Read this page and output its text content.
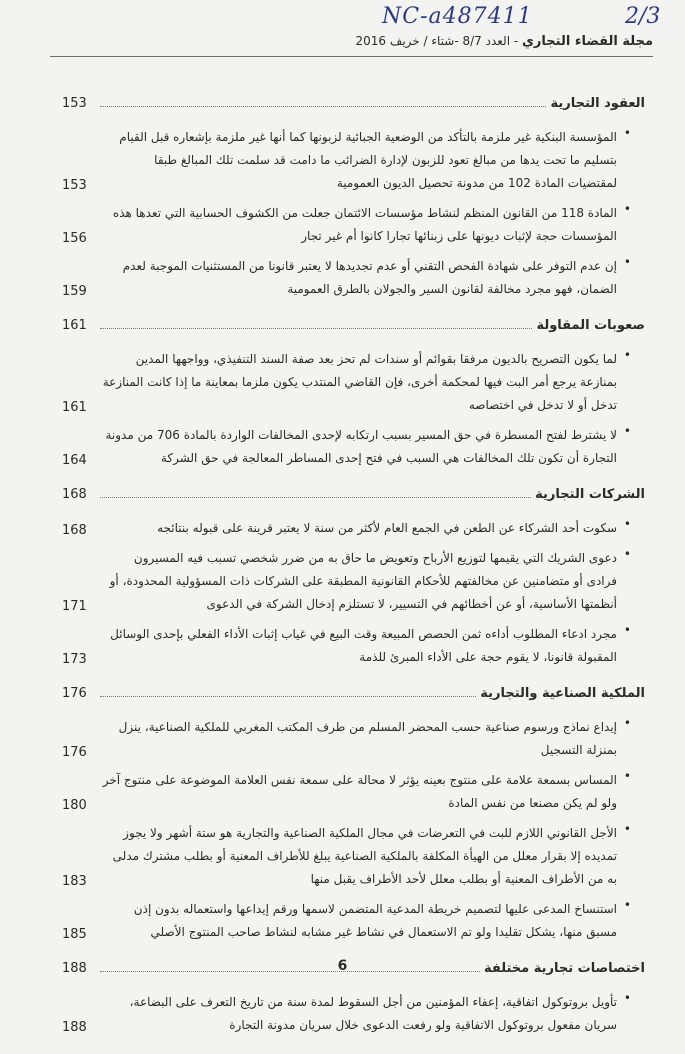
NC-a487411	2/3
مجلة القضاء التجاري - العدد 8/7 -شتاء / خريف 2016
العقود التجارية
153
• المؤسسة البنكية غير ملزمة بالتأكد من الوضعية الجبائية لزبونها كما أنها غير ملزمة بإشعاره قبل القيام بتسليم ما تحت يدها من مبالغ تعود للزبون لإدارة الضرائب ما دامت قد سلمت تلك المبالغ طبقا لمقتضيات المادة 102 من مدونة تحصيل الديون العمومية
153
• المادة 118 من القانون المنظم لنشاط مؤسسات الائتمان جعلت من الكشوف الحسابية التي تعدها هذه المؤسسات حجة لإثبات ديونها على زبنائها تجارا كانوا أم غير تجار
156
• إن عدم التوفر على شهادة الفحص التقني أو عدم تجديدها لا يعتبر قانونا من المستثنيات الموجبة لعدم الضمان، فهو مجرد مخالفة لقانون السير والجولان بالطرق العمومية
159
صعوبات المقاولة
161
• لما يكون التصريح بالديون مرفقا بقوائم أو سندات لم تحز بعد صفة السند التنفيذي، وواجهها المدين بمنازعة يرجع أمر البت فيها لمحكمة أخرى، فإن القاضي المنتدب يكون ملزما بمعاينة ما إذا كانت المنازعة تدخل أو لا تدخل في اختصاصه
161
• لا يشترط لفتح المسطرة في حق المسير بسبب ارتكابه لإحدى المخالفات الواردة بالمادة 706 من مدونة التجارة أن تكون تلك المخالفات هي السبب في فتح إحدى المساطر المعالجة في حق الشركة
164
الشركات التجارية
168
• سكوت أحد الشركاء عن الطعن في الجمع العام لأكثر من سنة لا يعتبر قرينة على قبوله بنتائجه
168
• دعوى الشريك التي يقيمها لتوزيع الأرباح وتعويض ما حاق به من ضرر شخصي تسبب فيه المسيرون فرادى أو متضامنين عن مخالفتهم للأحكام القانونية المطبقة على الشركات ذات المسؤولية المحدودة، أو أنظمتها الأساسية، أو عن أخطائهم في التسيير، لا تستلزم إدخال الشركة في الدعوى
171
• مجرد ادعاء المطلوب أداءه ثمن الحصص المبيعة وقت البيع في غياب إثبات الأداء الفعلي بإحدى الوسائل المقبولة قانونا، لا يقوم حجة على الأداء المبرئ للذمة
173
الملكية الصناعية والتجارية
176
• إيداع نماذج ورسوم صناعية حسب المحضر المسلم من طرف المكتب المغربي للملكية الصناعية، ينزل بمنزلة التسجيل
176
• المساس بسمعة علامة على منتوج بعينه يؤثر لا محالة على سمعة نفس العلامة الموضوعة على منتوج آخر ولو لم يكن مصنعا من نفس المادة
180
• الأجل القانوني اللازم للبت في التعرضات في مجال الملكية الصناعية والتجارية هو ستة أشهر ولا يجوز تمديده إلا بقرار معلل من الهيأة المكلفة بالملكية الصناعية يبلغ للأطراف المعنية أو بطلب مشترك مدلى به من الأطراف المعنية أو بطلب معلل لأحد الأطراف يقبل منها
183
• استنساخ المدعى عليها لتصميم خريطة المدعية المتضمن لاسمها ورقم إيداعها واستعماله بدون إذن مسبق منها، يشكل تقليدا ولو تم الاستعمال في نشاط غير مشابه لنشاط صاحب المنتوج الأصلي
185
اختصاصات تجارية مختلفة
188
• تأويل بروتوكول اتفاقية، إعفاء المؤمنين من أجل السقوط لمدة سنة من تاريخ التعرف على البضاعة، سريان مفعول بروتوكول الاتفاقية ولو رفعت الدعوى خلال سريان مدونة التجارة
188
6
